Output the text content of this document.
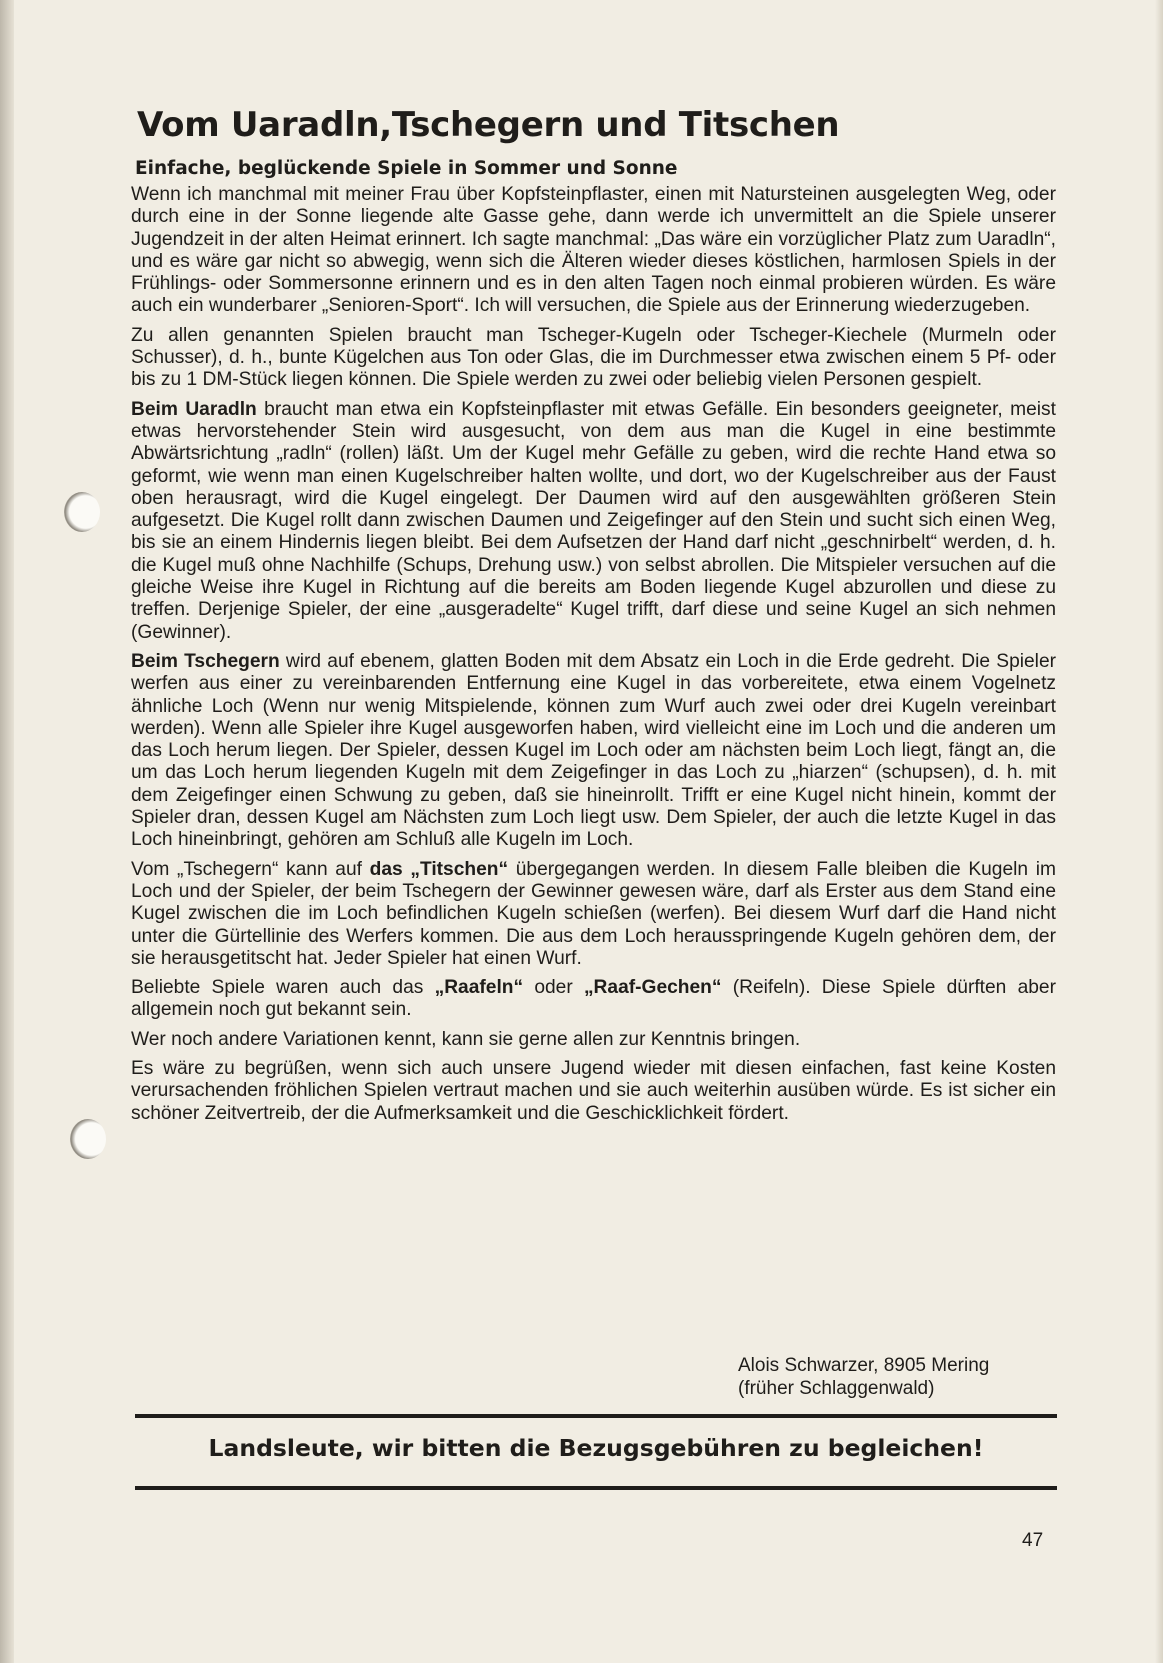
Vom Uaradln,Tschegern und Titschen
Einfache, beglückende Spiele in Sommer und Sonne

Wenn ich manchmal mit meiner Frau über Kopfsteinpflaster, einen mit Natursteinen ausgelegten Weg, oder durch eine in der Sonne liegende alte Gasse gehe, dann werde ich unvermittelt an die Spiele unserer Jugendzeit in der alten Heimat erinnert. Ich sagte manchmal: „Das wäre ein vorzüglicher Platz zum Uaradln“, und es wäre gar nicht so abwegig, wenn sich die Älteren wieder dieses köstlichen, harmlosen Spiels in der Frühlings- oder Sommersonne erinnern und es in den alten Tagen noch einmal probieren würden. Es wäre auch ein wunderbarer „Senioren-Sport“. Ich will versuchen, die Spiele aus der Erinnerung wiederzugeben.

Zu allen genannten Spielen braucht man Tscheger-Kugeln oder Tscheger-Kiechele (Murmeln oder Schusser), d. h., bunte Kügelchen aus Ton oder Glas, die im Durchmesser etwa zwischen einem 5 Pf- oder bis zu 1 DM-Stück liegen können. Die Spiele werden zu zwei oder beliebig vielen Personen gespielt.

Beim Uaradln braucht man etwa ein Kopfsteinpflaster mit etwas Gefälle. Ein besonders geeigneter, meist etwas hervorstehender Stein wird ausgesucht, von dem aus man die Kugel in eine bestimmte Abwärtsrichtung „radln“ (rollen) läßt. Um der Kugel mehr Gefälle zu geben, wird die rechte Hand etwa so geformt, wie wenn man einen Kugelschreiber halten wollte, und dort, wo der Kugelschreiber aus der Faust oben herausragt, wird die Kugel eingelegt. Der Daumen wird auf den ausgewählten größeren Stein aufgesetzt. Die Kugel rollt dann zwischen Daumen und Zeigefinger auf den Stein und sucht sich einen Weg, bis sie an einem Hindernis liegen bleibt. Bei dem Aufsetzen der Hand darf nicht „geschnirbelt“ werden, d. h. die Kugel muß ohne Nachhilfe (Schups, Drehung usw.) von selbst abrollen. Die Mitspieler versuchen auf die gleiche Weise ihre Kugel in Richtung auf die bereits am Boden liegende Kugel abzurollen und diese zu treffen. Derjenige Spieler, der eine „ausgeradelte“ Kugel trifft, darf diese und seine Kugel an sich nehmen (Gewinner).

Beim Tschegern wird auf ebenem, glatten Boden mit dem Absatz ein Loch in die Erde gedreht. Die Spieler werfen aus einer zu vereinbarenden Entfernung eine Kugel in das vorbereitete, etwa einem Vogelnetz ähnliche Loch (Wenn nur wenig Mitspielende, können zum Wurf auch zwei oder drei Kugeln vereinbart werden). Wenn alle Spieler ihre Kugel ausgeworfen haben, wird vielleicht eine im Loch und die anderen um das Loch herum liegen. Der Spieler, dessen Kugel im Loch oder am nächsten beim Loch liegt, fängt an, die um das Loch herum liegenden Kugeln mit dem Zeigefinger in das Loch zu „hiarzen“ (schupsen), d. h. mit dem Zeigefinger einen Schwung zu geben, daß sie hineinrollt. Trifft er eine Kugel nicht hinein, kommt der Spieler dran, dessen Kugel am Nächsten zum Loch liegt usw. Dem Spieler, der auch die letzte Kugel in das Loch hineinbringt, gehören am Schluß alle Kugeln im Loch.

Vom „Tschegern“ kann auf das „Titschen“ übergegangen werden. In diesem Falle bleiben die Kugeln im Loch und der Spieler, der beim Tschegern der Gewinner gewesen wäre, darf als Erster aus dem Stand eine Kugel zwischen die im Loch befindlichen Kugeln schießen (werfen). Bei diesem Wurf darf die Hand nicht unter die Gürtellinie des Werfers kommen. Die aus dem Loch herausspringende Kugeln gehören dem, der sie herausgetitscht hat. Jeder Spieler hat einen Wurf.

Beliebte Spiele waren auch das „Raafeln“ oder „Raaf-Gechen“ (Reifeln). Diese Spiele dürften aber allgemein noch gut bekannt sein.

Wer noch andere Variationen kennt, kann sie gerne allen zur Kenntnis bringen.

Es wäre zu begrüßen, wenn sich auch unsere Jugend wieder mit diesen einfachen, fast keine Kosten verursachenden fröhlichen Spielen vertraut machen und sie auch weiterhin ausüben würde. Es ist sicher ein schöner Zeitvertreib, der die Aufmerksamkeit und die Geschicklichkeit fördert.

Alois Schwarzer, 8905 Mering
(früher Schlaggenwald)
Landsleute, wir bitten die Bezugsgebühren zu begleichen!
47
